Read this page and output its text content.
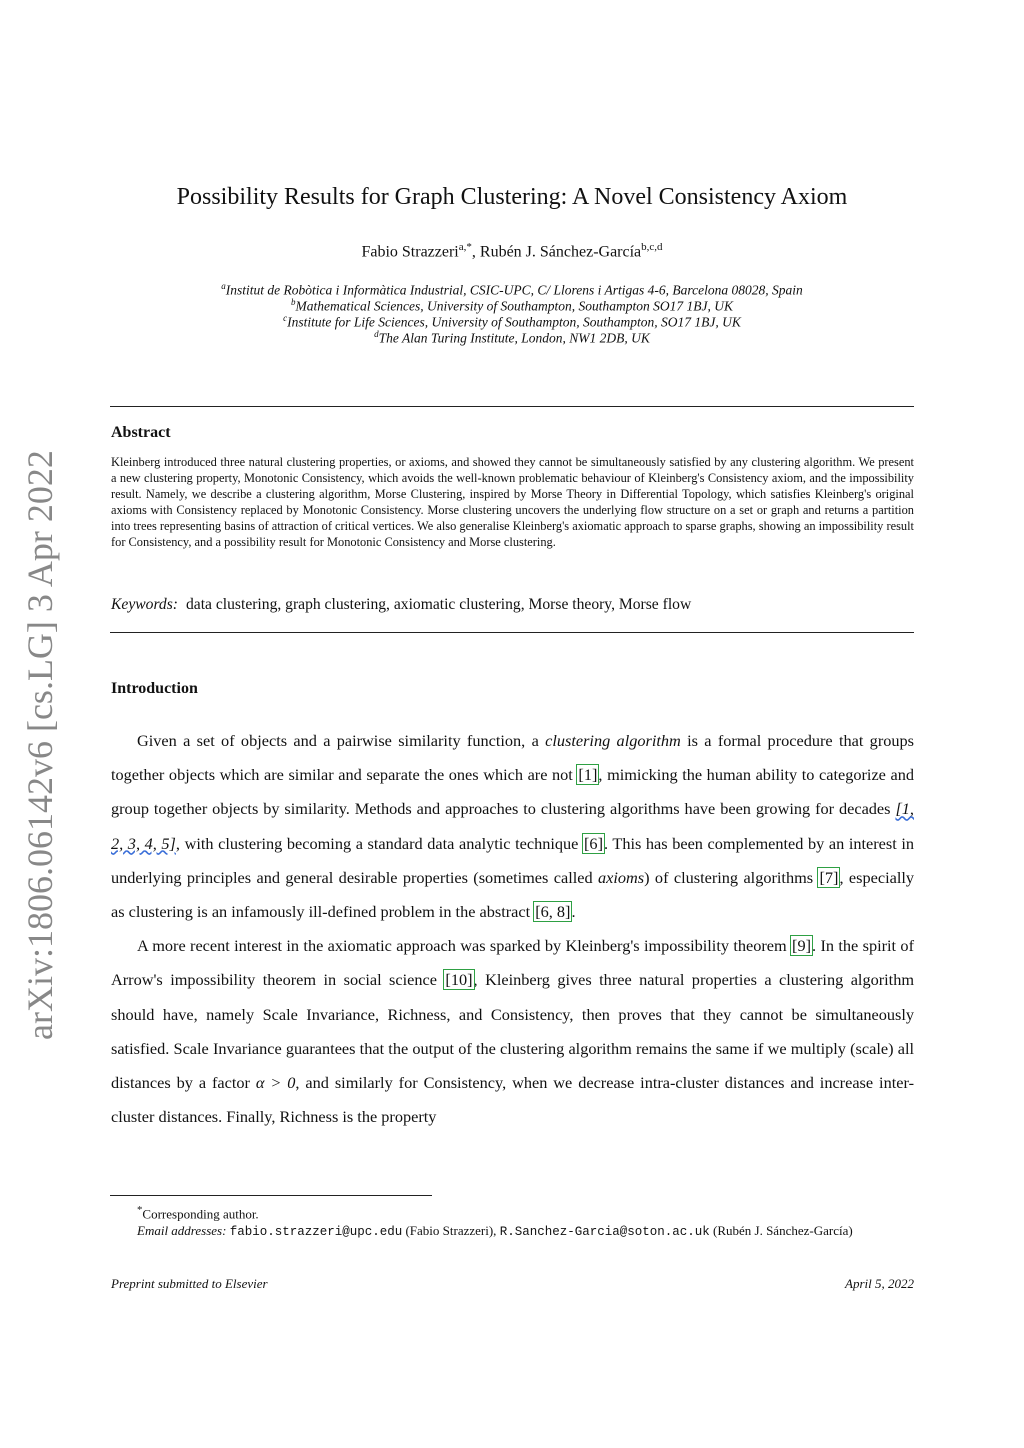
arXiv:1806.06142v6 [cs.LG] 3 Apr 2022
Possibility Results for Graph Clustering: A Novel Consistency Axiom
Fabio Strazzeri$^{a,*}$, Rubén J. Sánchez-García$^{b,c,d}$
$^a$Institut de Robòtica i Informàtica Industrial, CSIC-UPC, C/ Llorens i Artigas 4-6, Barcelona 08028, Spain
$^b$Mathematical Sciences, University of Southampton, Southampton SO17 1BJ, UK
$^c$Institute for Life Sciences, University of Southampton, Southampton, SO17 1BJ, UK
$^d$The Alan Turing Institute, London, NW1 2DB, UK
Abstract
Kleinberg introduced three natural clustering properties, or axioms, and showed they cannot be simultaneously satisfied by any clustering algorithm. We present a new clustering property, Monotonic Consistency, which avoids the well-known problematic behaviour of Kleinberg's Consistency axiom, and the impossibility result. Namely, we describe a clustering algorithm, Morse Clustering, inspired by Morse Theory in Differential Topology, which satisfies Kleinberg's original axioms with Consistency replaced by Monotonic Consistency. Morse clustering uncovers the underlying flow structure on a set or graph and returns a partition into trees representing basins of attraction of critical vertices. We also generalise Kleinberg's axiomatic approach to sparse graphs, showing an impossibility result for Consistency, and a possibility result for Monotonic Consistency and Morse clustering.
Keywords: data clustering, graph clustering, axiomatic clustering, Morse theory, Morse flow
Introduction

Given a set of objects and a pairwise similarity function, a clustering algorithm is a formal procedure that groups together objects which are similar and separate the ones which are not [1], mimicking the human ability to categorize and group together objects by similarity. Methods and approaches to clustering algorithms have been growing for decades [1, 2, 3, 4, 5], with clustering becoming a standard data analytic technique [6]. This has been complemented by an interest in underlying principles and general desirable properties (sometimes called axioms) of clustering algorithms [7], especially as clustering is an infamously ill-defined problem in the abstract [6, 8].

A more recent interest in the axiomatic approach was sparked by Kleinberg's impossibility theorem [9]. In the spirit of Arrow's impossibility theorem in social science [10], Kleinberg gives three natural properties a clustering algorithm should have, namely Scale Invariance, Richness, and Consistency, then proves that they cannot be simultaneously satisfied. Scale Invariance guarantees that the output of the clustering algorithm remains the same if we multiply (scale) all distances by a factor α > 0, and similarly for Consistency, when we decrease intra-cluster distances and increase inter-cluster distances. Finally, Richness is the property

*Corresponding author.
Email addresses: fabio.strazzeri@upc.edu (Fabio Strazzeri), R.Sanchez-Garcia@soton.ac.uk (Rubén J. Sánchez-García)
Preprint submitted to Elsevier	April 5, 2022
